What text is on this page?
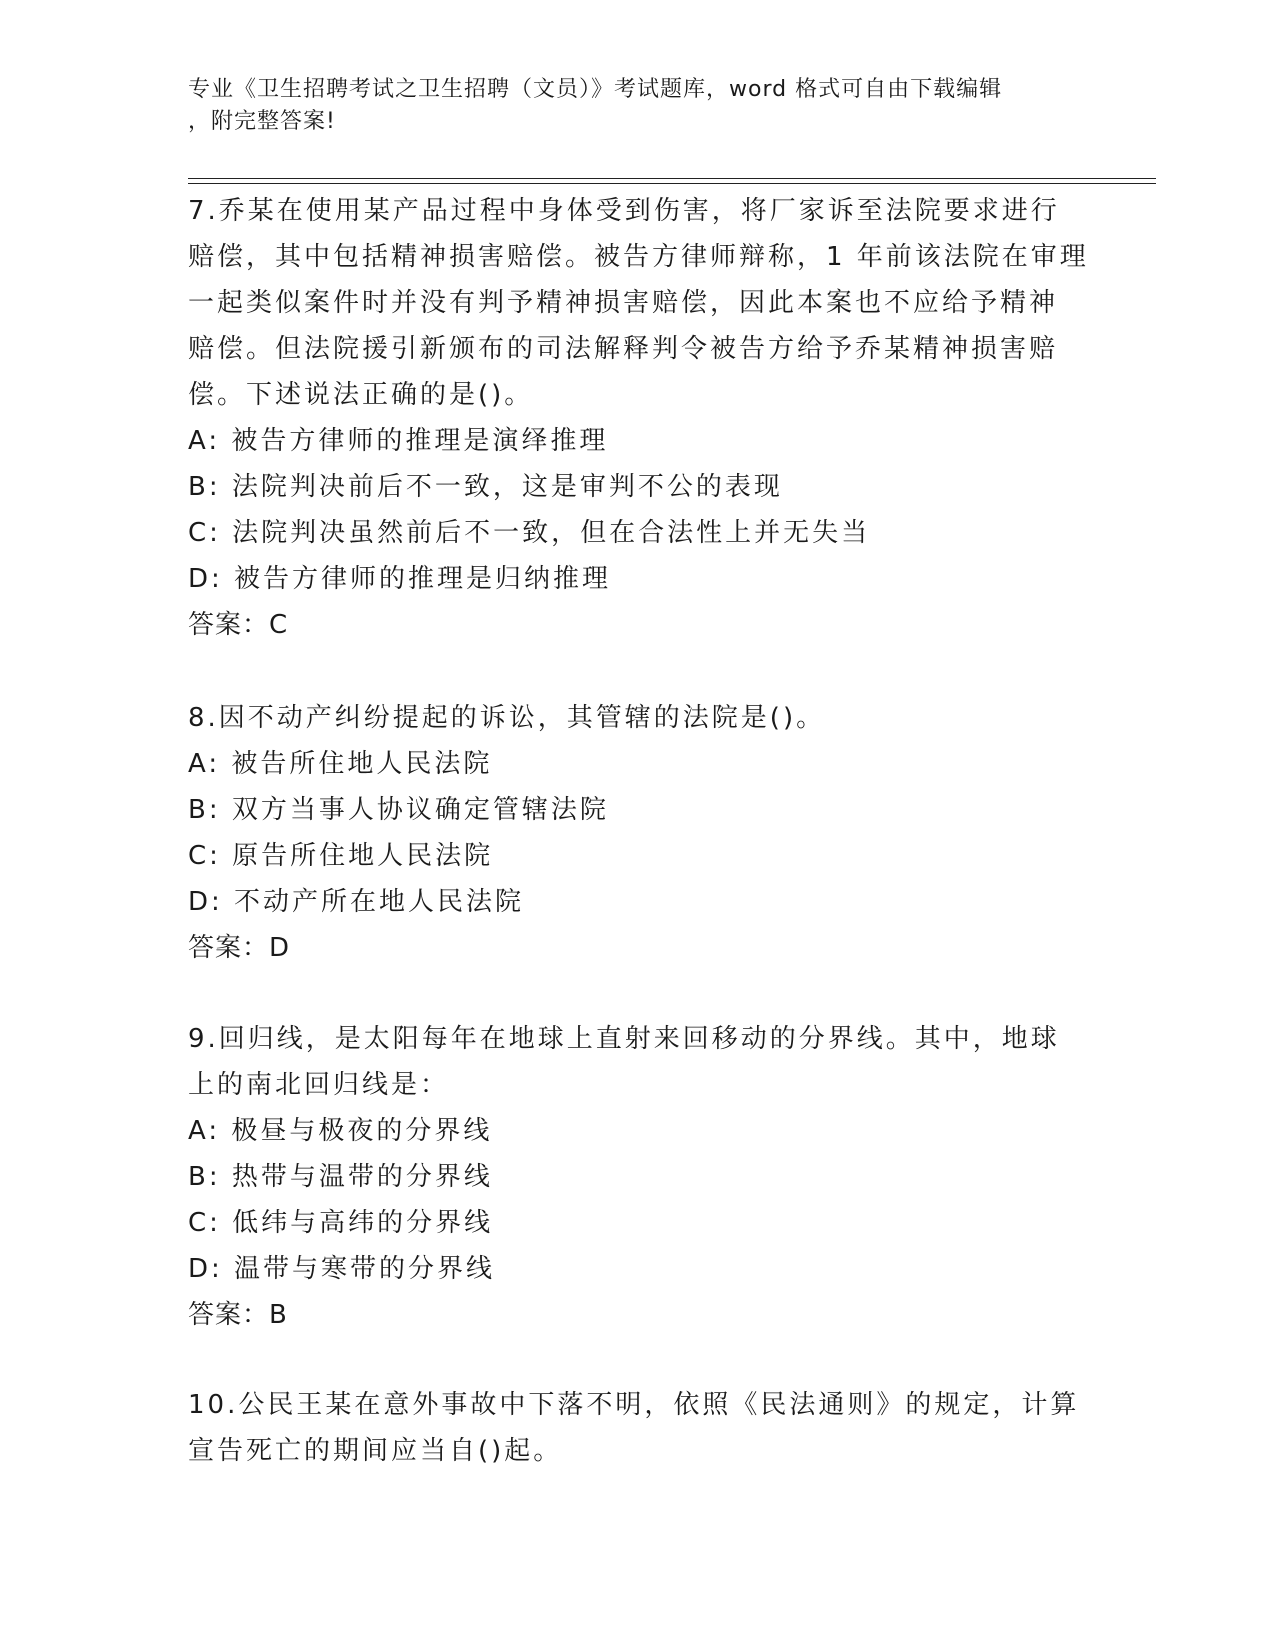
专业《卫生招聘考试之卫生招聘（文员）》考试题库，word 格式可自由下载编辑
，附完整答案!
7.乔某在使用某产品过程中身体受到伤害，将厂家诉至法院要求进行
赔偿，其中包括精神损害赔偿。被告方律师辩称，1 年前该法院在审理
一起类似案件时并没有判予精神损害赔偿，因此本案也不应给予精神
赔偿。但法院援引新颁布的司法解释判令被告方给予乔某精神损害赔
偿。下述说法正确的是()。
A: 被告方律师的推理是演绎推理
B: 法院判决前后不一致，这是审判不公的表现
C: 法院判决虽然前后不一致，但在合法性上并无失当
D: 被告方律师的推理是归纳推理
答案：C
8.因不动产纠纷提起的诉讼，其管辖的法院是()。
A: 被告所住地人民法院
B: 双方当事人协议确定管辖法院
C: 原告所住地人民法院
D: 不动产所在地人民法院
答案：D
9.回归线，是太阳每年在地球上直射来回移动的分界线。其中，地球
上的南北回归线是：
A: 极昼与极夜的分界线
B: 热带与温带的分界线
C: 低纬与高纬的分界线
D: 温带与寒带的分界线
答案：B
10.公民王某在意外事故中下落不明，依照《民法通则》的规定，计算
宣告死亡的期间应当自()起。
